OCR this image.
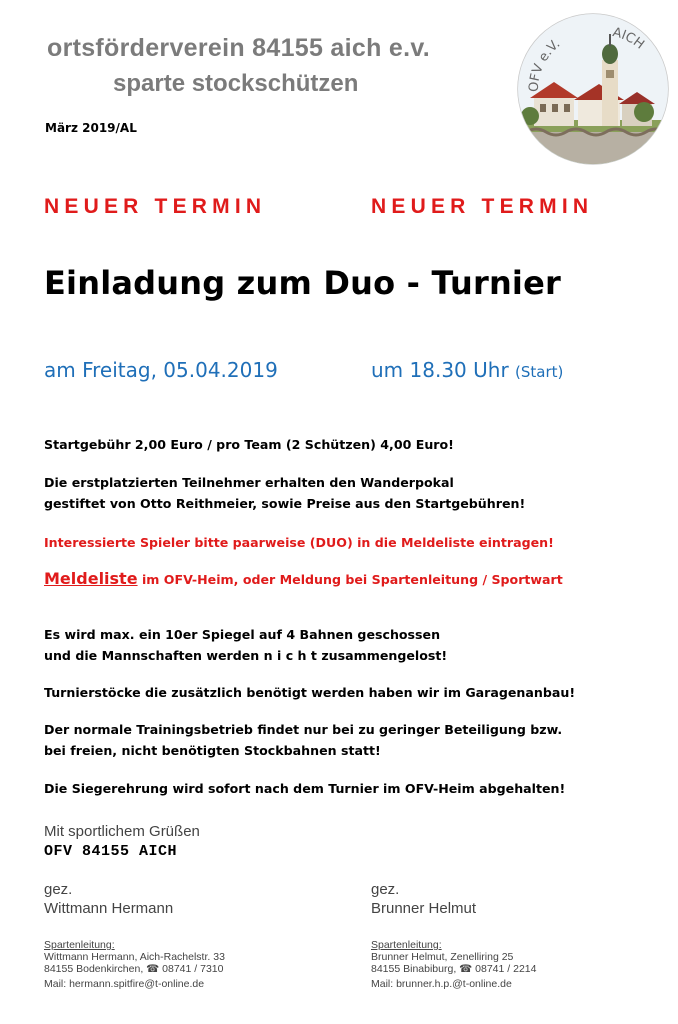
ortsförderverein 84155 aich e.v.
sparte stockschützen
März 2019/AL
OFV e.V.
AICH
NEUER TERMIN	NEUER TERMIN
Einladung zum Duo - Turnier
am Freitag, 05.04.2019	um 18.30 Uhr (Start)
Startgebühr 2,00 Euro / pro Team (2 Schützen) 4,00 Euro!
Die erstplatzierten Teilnehmer erhalten den Wanderpokal
gestiftet von Otto Reithmeier, sowie Preise aus den Startgebühren!
Interessierte Spieler bitte paarweise (DUO) in die Meldeliste eintragen!
Meldeliste im OFV-Heim, oder Meldung bei Spartenleitung / Sportwart
Es wird max. ein 10er Spiegel auf 4 Bahnen geschossen
und die Mannschaften werden n i c h t zusammengelost!
Turnierstöcke die zusätzlich benötigt werden haben wir im Garagenanbau!
Der normale Trainingsbetrieb findet nur bei zu geringer Beteiligung bzw.
bei freien, nicht benötigten Stockbahnen statt!
Die Siegerehrung wird sofort nach dem Turnier im OFV-Heim abgehalten!
Mit sportlichem Grüßen
OFV 84155 AICH
gez.
Wittmann Hermann
gez.
Brunner Helmut
Spartenleitung:
Wittmann Hermann, Aich-Rachelstr. 33
84155 Bodenkirchen, ☎ 08741 / 7310
Mail: hermann.spitfire@t-online.de
Spartenleitung:
Brunner Helmut, Zenelliring 25
84155 Binabiburg, ☎ 08741 / 2214
Mail: brunner.h.p.@t-online.de
